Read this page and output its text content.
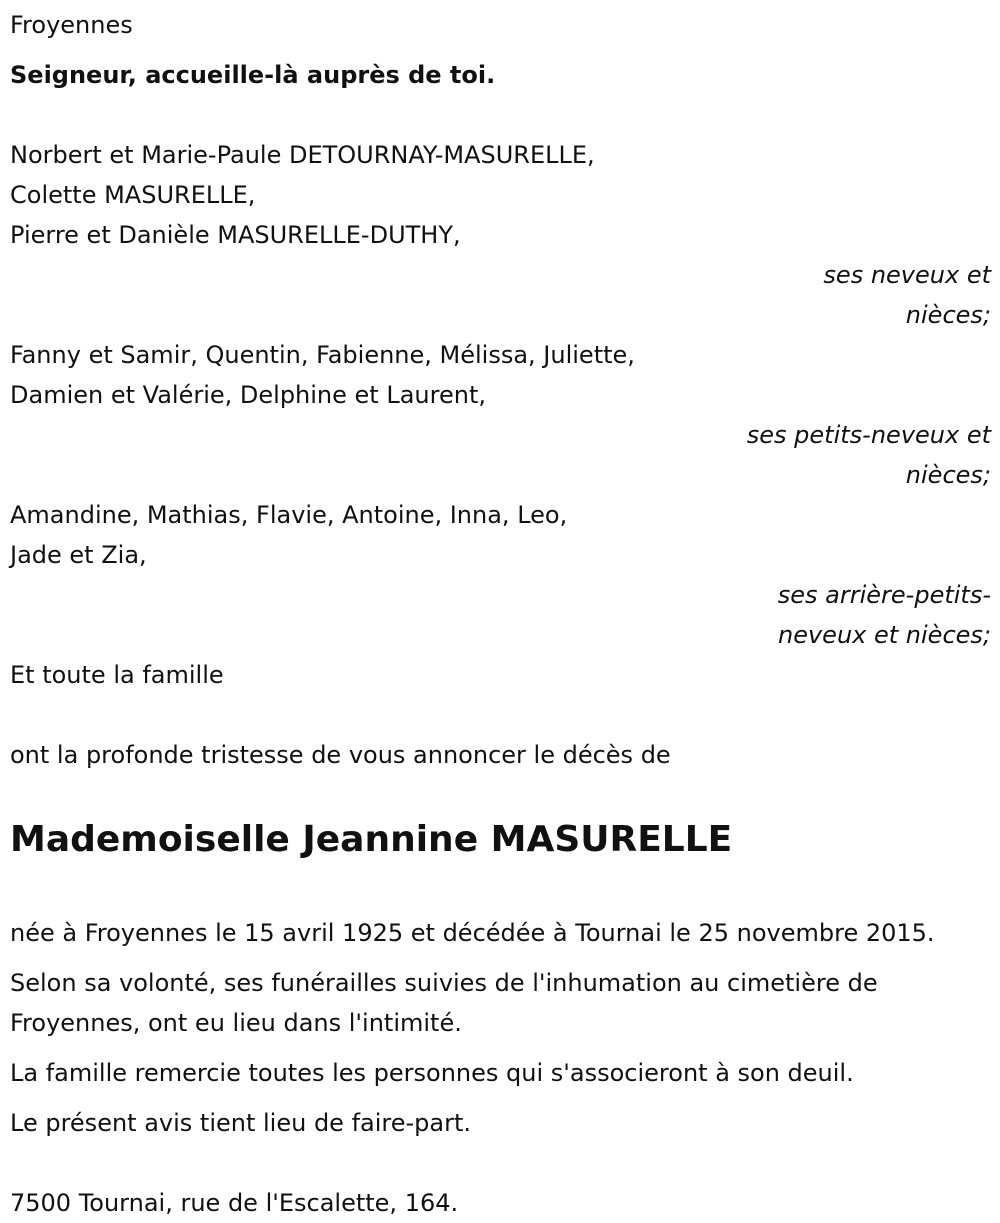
Froyennes
Seigneur, accueille-là auprès de toi.
Norbert et Marie-Paule DETOURNAY-MASURELLE,
Colette MASURELLE,
Pierre et Danièle MASURELLE-DUTHY,
ses neveux et
nièces;
Fanny et Samir, Quentin, Fabienne, Mélissa, Juliette,
Damien et Valérie, Delphine et Laurent,
ses petits-neveux et
nièces;
Amandine, Mathias, Flavie, Antoine, Inna, Leo,
Jade et Zia,
ses arrière-petits-
neveux et nièces;
Et toute la famille
ont la profonde tristesse de vous annoncer le décès de
Mademoiselle Jeannine MASURELLE
née à Froyennes le 15 avril 1925 et décédée à Tournai le 25 novembre 2015.
Selon sa volonté, ses funérailles suivies de l'inhumation au cimetière de Froyennes, ont eu lieu dans l'intimité.
La famille remercie toutes les personnes qui s'associeront à son deuil.
Le présent avis tient lieu de faire-part.
7500 Tournai, rue de l'Escalette, 164.
